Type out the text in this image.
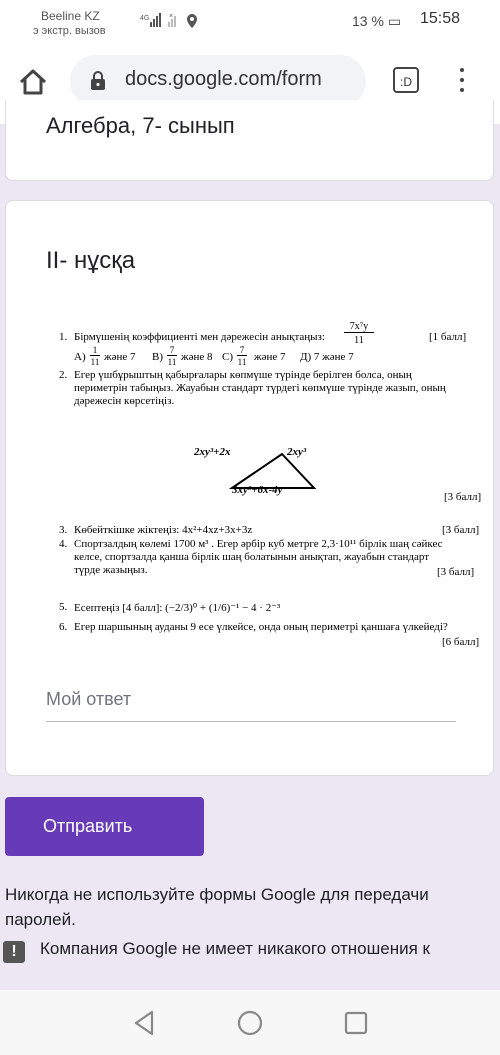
Beeline KZ
э экстр. вызов
4G	×	13 % ▭ 15:58
docs.google.com/form	:D
Алгебра, 7- сынып
ІІ- нұсқа
1. Бірмүшенің коэффициенті мен дәрежесін анықтаңыз:
7x⁷y
11	[1 балл]
A)
1
11 және 7 B)
7
11 және 8 C)
7
11 және 7 Д) 7 және 7
2. Егер үшбұрыштың қабырғалары көпмүше түрінде берілген болса, оның
периметрін табыңыз. Жауабын стандарт түрдегі көпмүше түрінде жазып, оның
дәрежесін көрсетіңіз.
2xy³+2x	2xy³
3xy³+6x-4y
[3 балл]
3. Көбейткішке жіктеңіз: 4x²+4xz+3x+3z	[3 балл]
4. Спортзалдың көлемі 1700 м³ . Егер әрбір куб метрге 2,3·10¹¹ бірлік шаң сәйкес
келсе, спортзалда қанша бірлік шаң болатынын анықтап, жауабын стандарт
түрде жазыңыз.	[3 балл]
5. Есептеңіз [4 балл]: (−2/3)⁰ + (1/6)⁻¹ − 4 · 2⁻³
6. Егер шаршының ауданы 9 есе үлкейсе, онда оның периметрі қаншаға үлкейеді?
[6 балл]
Мой ответ
Отправить
Никогда не используйте формы Google для передачи паролей.
!	Компания Google не имеет никакого отношения к
